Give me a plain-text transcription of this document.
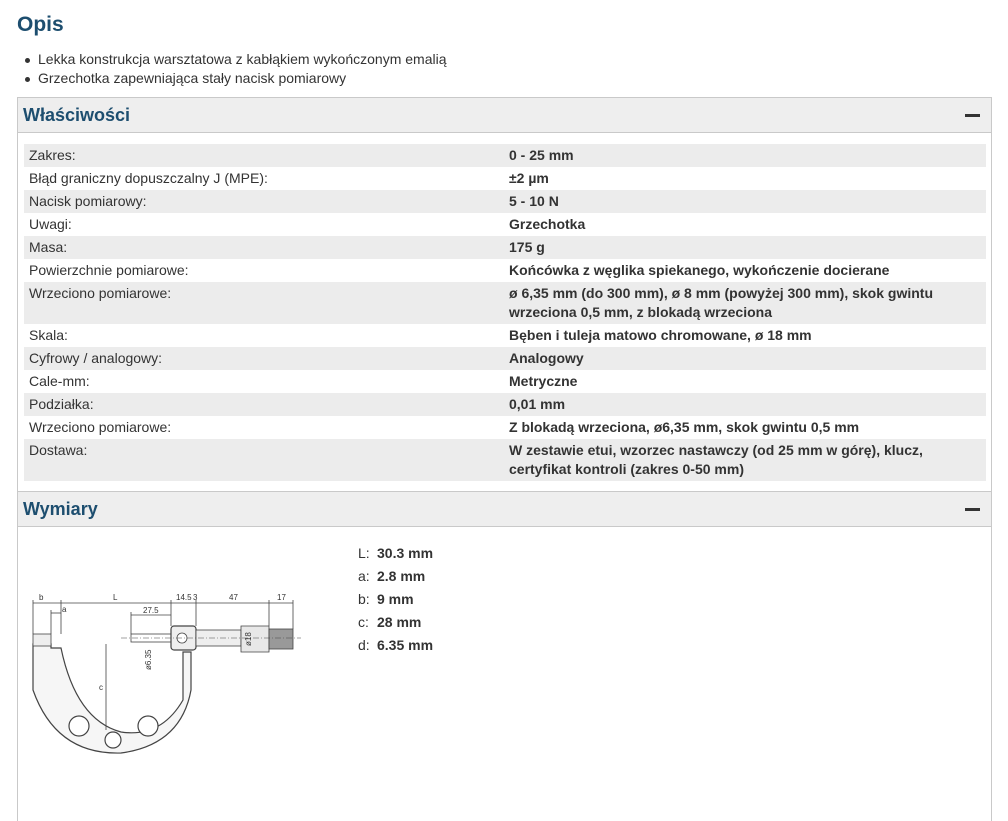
Opis
Lekka konstrukcja warsztatowa z kabłąkiem wykończonym emalią
Grzechotka zapewniająca stały nacisk pomiarowy
Właściwości
Zakres:	0 - 25 mm
Błąd graniczny dopuszczalny J (MPE):	±2 µm
Nacisk pomiarowy:	5 - 10 N
Uwagi:	Grzechotka
Masa:	175 g
Powierzchnie pomiarowe:	Końcówka z węglika spiekanego, wykończenie docierane
Wrzeciono pomiarowe:	ø 6,35 mm (do 300 mm), ø 8 mm (powyżej 300 mm), skok gwintu wrzeciona 0,5 mm, z blokadą wrzeciona
Skala:	Bęben i tuleja matowo chromowane, ø 18 mm
Cyfrowy / analogowy:	Analogowy
Cale-mm:	Metryczne
Podziałka:	0,01 mm
Wrzeciono pomiarowe:	Z blokadą wrzeciona, ø6,35 mm, skok gwintu 0,5 mm
Dostawa:	W zestawie etui, wzorzec nastawczy (od 25 mm w górę), klucz, certyfikat kontroli (zakres 0-50 mm)
Wymiary
b
a
L	14.5 3	47	17
27.5
c
ø6.35
ø18
L: 30.3 mm
a: 2.8 mm
b: 9 mm
c: 28 mm
d: 6.35 mm
